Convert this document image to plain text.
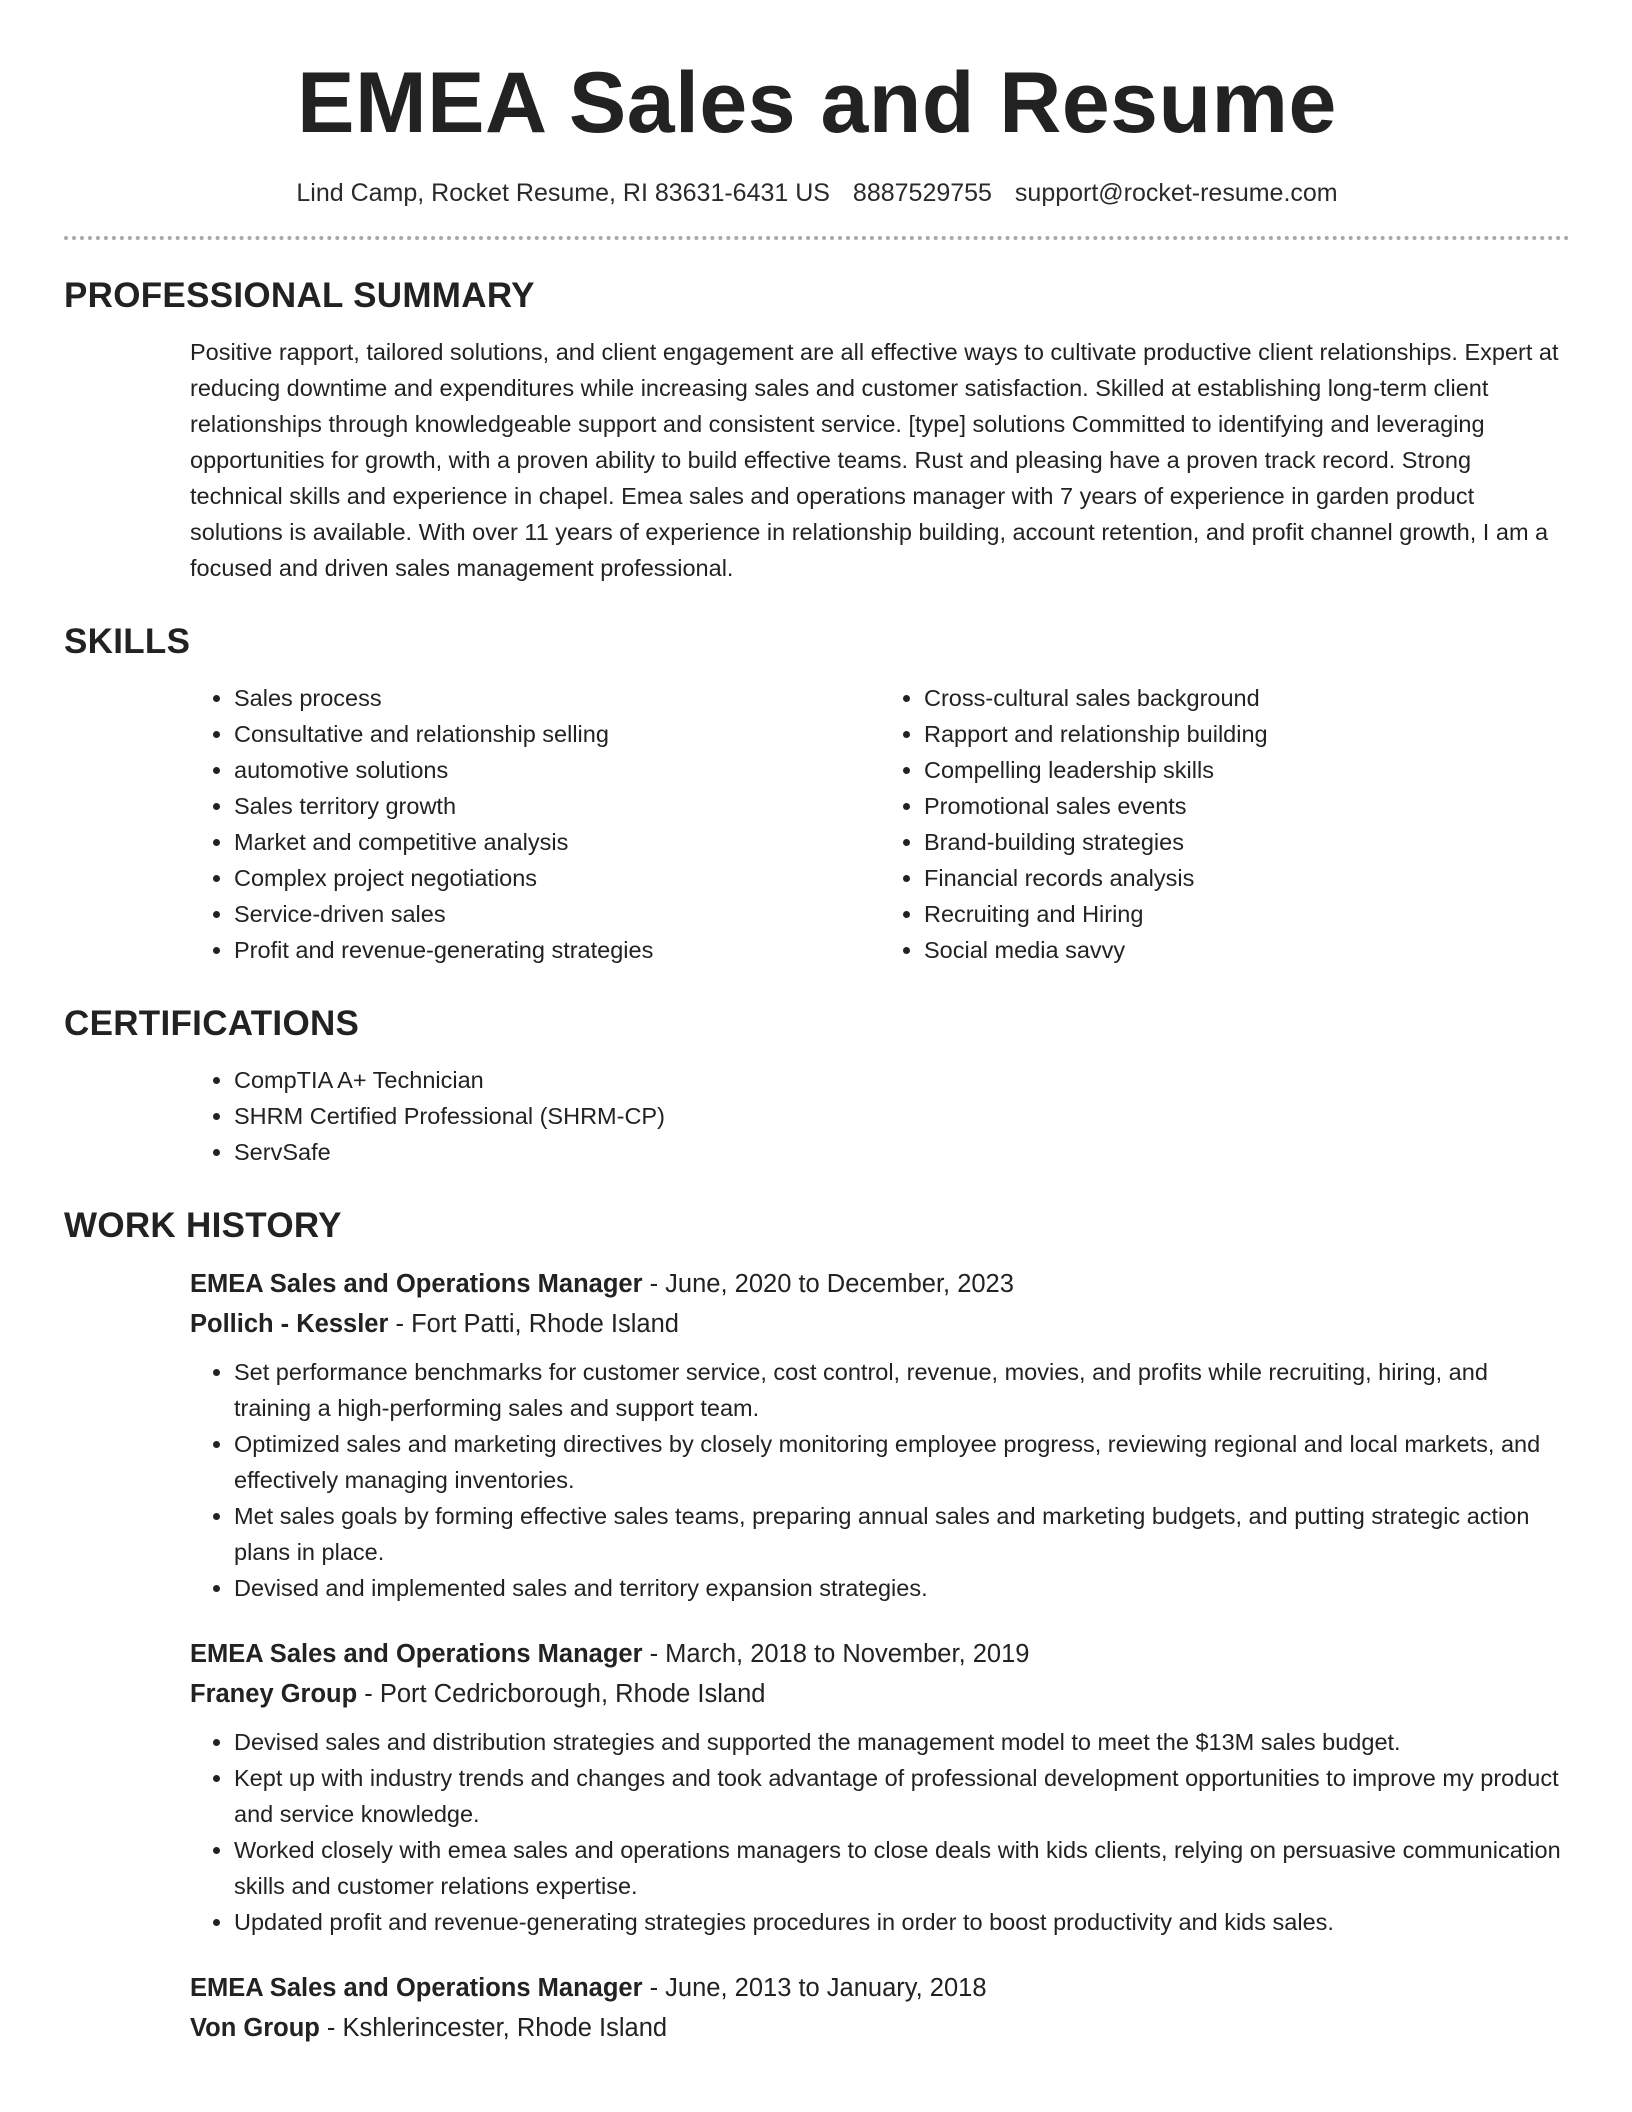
EMEA Sales and Resume
Lind Camp, Rocket Resume, RI 83631-6431 US 8887529755 support@rocket-resume.com
PROFESSIONAL SUMMARY

Positive rapport, tailored solutions, and client engagement are all effective ways to cultivate productive client relationships. Expert at reducing downtime and expenditures while increasing sales and customer satisfaction. Skilled at establishing long-term client relationships through knowledgeable support and consistent service. [type] solutions Committed to identifying and leveraging opportunities for growth, with a proven ability to build effective teams. Rust and pleasing have a proven track record. Strong technical skills and experience in chapel. Emea sales and operations manager with 7 years of experience in garden product solutions is available. With over 11 years of experience in relationship building, account retention, and profit channel growth, I am a focused and driven sales management professional.

SKILLS
• Sales process
• Consultative and relationship selling
• automotive solutions
• Sales territory growth
• Market and competitive analysis
• Complex project negotiations
• Service-driven sales
• Profit and revenue-generating strategies
• Cross-cultural sales background
• Rapport and relationship building
• Compelling leadership skills
• Promotional sales events
• Brand-building strategies
• Financial records analysis
• Recruiting and Hiring
• Social media savvy
CERTIFICATIONS
• CompTIA A+ Technician
• SHRM Certified Professional (SHRM-CP)
• ServSafe
WORK HISTORY
EMEA Sales and Operations Manager - June, 2020 to December, 2023
Pollich - Kessler - Fort Patti, Rhode Island
• Set performance benchmarks for customer service, cost control, revenue, movies, and profits while recruiting, hiring, and training a high-performing sales and support team.
• Optimized sales and marketing directives by closely monitoring employee progress, reviewing regional and local markets, and effectively managing inventories.
• Met sales goals by forming effective sales teams, preparing annual sales and marketing budgets, and putting strategic action plans in place.
• Devised and implemented sales and territory expansion strategies.
EMEA Sales and Operations Manager - March, 2018 to November, 2019
Franey Group - Port Cedricborough, Rhode Island
• Devised sales and distribution strategies and supported the management model to meet the $13M sales budget.
• Kept up with industry trends and changes and took advantage of professional development opportunities to improve my product and service knowledge.
• Worked closely with emea sales and operations managers to close deals with kids clients, relying on persuasive communication skills and customer relations expertise.
• Updated profit and revenue-generating strategies procedures in order to boost productivity and kids sales.
EMEA Sales and Operations Manager - June, 2013 to January, 2018
Von Group - Kshlerincester, Rhode Island
